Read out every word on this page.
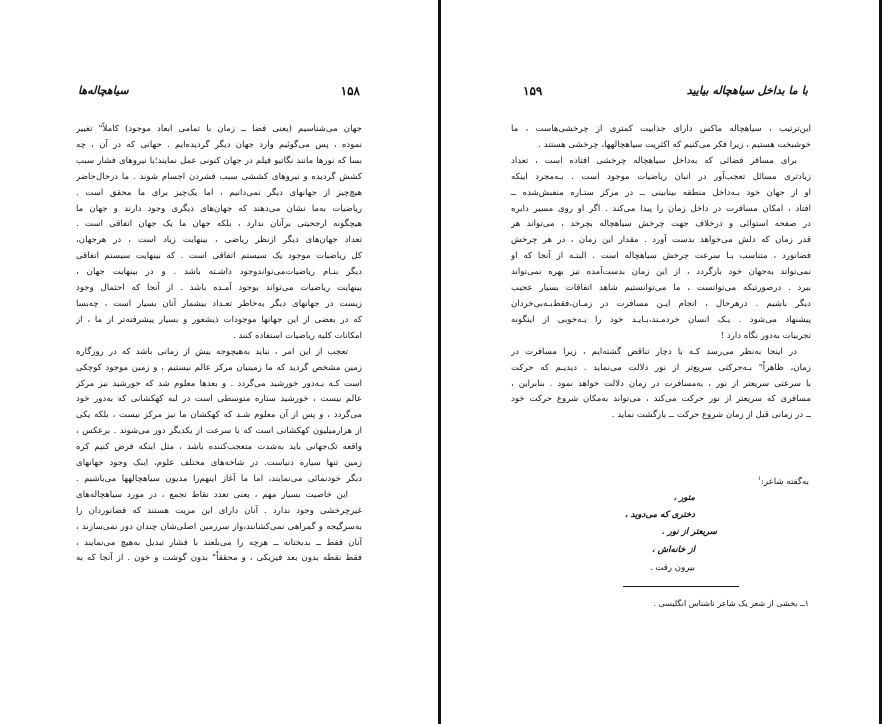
سیاهچاله‌ها	۱۵۸

جهان می‌شناسیم (یعنی فضا ــ زمان با تمامی ابعاد موجود) کاملاً" تغییر

نموده ، پس می‌گوئیم وارد جهان دیگر گردیده‌ایم . جهانی که در آن ، چه

بسا که نورها مانند نگاتیو فیلم در جهان کنونی عمل نمایند؛یا نیروهای فشار سبب

کشش گردیده و نیروهای کششی سبب فشردن اجسام شوند . ما درحال‌حاضر

هیچ‌چیز از جهانهای دیگر نمی‌دانیم ، اما یک‌چیز برای ما محقق است .

ریاضیات به‌ما نشان می‌دهند که جهان‌های دیگری وجود دارند و جهان ما

هیچگونه ارجحیتی برآنان ندارد ، بلکه جهان ما یک جهان اتفاقی است .

تعداد جهان‌های دیگر ازنظر ریاضی ، بینهایت زیاد است ، در هرجهان،

کل ریاضیات موجود یک سیستم اتفاقی است . که بینهایت سیستم اتفاقی

دیگر بنـام ریاضیات‌می‌تواند‌وجود داشـته باشد . و در بینهایت جهان ،

بینهایت ریاضیات می‌تواند بوجود آمـده باشد . از آنجا که احتمال وجود

زیست در جهانهای دیگر به‌خاطر تعـداد بیشمار آنان بسیار است ، چه‌بسا

که در بعضی از این جهانها موجودات ذیشعور و بسیار پیشرفته‌تر از ما ، از

امکانات کلیه ریاضیات استفاده کنند .

تعجب از این امر ، نباید به‌هیچوجه بیش از زمانی باشد که در روزگاره

زمین مشخص گردید که ما زمینیان مرکز عالم نیستیم ، و زمین موجود کوچکی

است کـه بـه‌دور خورشید می‌گردد . و بعدها معلوم شد که خورشید نیز مرکز

عالم نیست ، خورشید ستاره متوسطی است در لبه کهکشانی که به‌دور خود

می‌گردد ، و پس از آن معلوم شـد که کهکشان ما نیز مرکز نیست ، بلکه یکی

از هزارمیلیون کهکشانی است که با سرعت از یکدیگر دور می‌شوند . برعکس ،

واقعه تک‌جهانی باید به‌شدت متعجب‌کننده باشد ، مثل اینکه فرض کنیم کره

زمین تنها سیاره دنیاست. در شاخه‌های مختلف علوم، اینک وجود جهانهای

دیگر خودنمائی می‌نمایند، اما ما آغاز اینهم‌را مدیون سیاهچالهها می‌باشیم .

این خاصیت بسیار مهم ، یعنی تعدد نقاط تجمع ، در مورد سیاهچاله‌های

غیرچرخشی وجود ندارد . آنان دارای این مزیت هستند که فضانوردان را

به‌سرگیجه و گمراهی نمی‌کشانند،واز سرزمین اصلی‌شان چندان دور نمی‌سازند ،

آنان فقط ــ بدبختانه ــ هرچه را می‌بلعند با فشار تبدیل به‌هیچ می‌نمایند ،

فقط نقطه بدون بعد فیزیکی ، و محققاً" بدون گوشت و خون . از آنجا که به

۱۵۹	با ما بداخل سیاهچاله بیایید

این‌ترتیب ، سیاهچاله ماکس دارای جذابیت کمتری از چرخشی‌هاست ، ما

خوشبخت هستیم ، زیرا فکر می‌کنیم که اکثریت سیاهچالهها، چرخشی هستند .

برای مسافر فضائی که به‌داخل سیاهچاله چرخشی افتاده است ، تعداد

زیادتری مسائل تعجب‌آور در انبان ریاضیات موجود است . بـه‌مجرد اینکه

او از جهان خود بـه‌داخل منطقه بینابینی ــ در مرکز ستـاره منفبش‌شده ــ

افتاد ، امکان مسافرت در داخل زمان را پیدا می‌کند . اگر او روی مسیر دایره

در صفحه استوائی و درخلاف جهت چرخش سیاهچاله بچرخد ، می‌تواند هر

قدر زمان که دلش می‌خواهد بدست آورد . مقدار این زمان ، در هر چرخش

فضانورد ، متناسب بـا سرعت چرخش سیاهچاله است . البتـه از آنجا که او

نمی‌تواند به‌جهان خود بازگردد ، از این زمان بدست‌آمده نیز بهره نمی‌تواند

ببرد . درصورتیکه می‌توانست ، ما می‌توانستیم شاهد اتفاقات بسیار عجیب

دیگر باشیم . درهرحال ، انجام ایـن مسافرت در زمـان،فقط‌بـه‌بی‌خردان

پیشنهاد می‌شود . یـک انسان خردمـند،بـایـد خود را بـه‌خوبی از اینگونه

تجربیات به‌دور نگاه دارد !

در اینجا به‌نظر می‌رسد کـه با دچار تناقض گشته‌ایم ، زیرا مسافرت در

زمان، ظاهراً" بـه‌حرکتی سریع‌تر از نور دلالت می‌نماید . دیدیـم که حرکت

با سرعتی سریعتر از نور ، به‌مسافرت در زمان دلالت خواهد نمود . بنابراین ،

مسافری که سریعتر از نور حرکت می‌کند ، می‌تواند به‌مکان شروع حرکت خود

ــ در زمانی قبل از زمان شروع حرکت ــ بازگشت نماید .

به‌گفته شاعر:$^۱$
متور ،
دختری که می‌دوید ،
سریعتر از نور .
از خانه‌اش ،
بیرون رفت .
۱ــ بخشی از شعر یک شاعر ناشناس انگلیسی .
